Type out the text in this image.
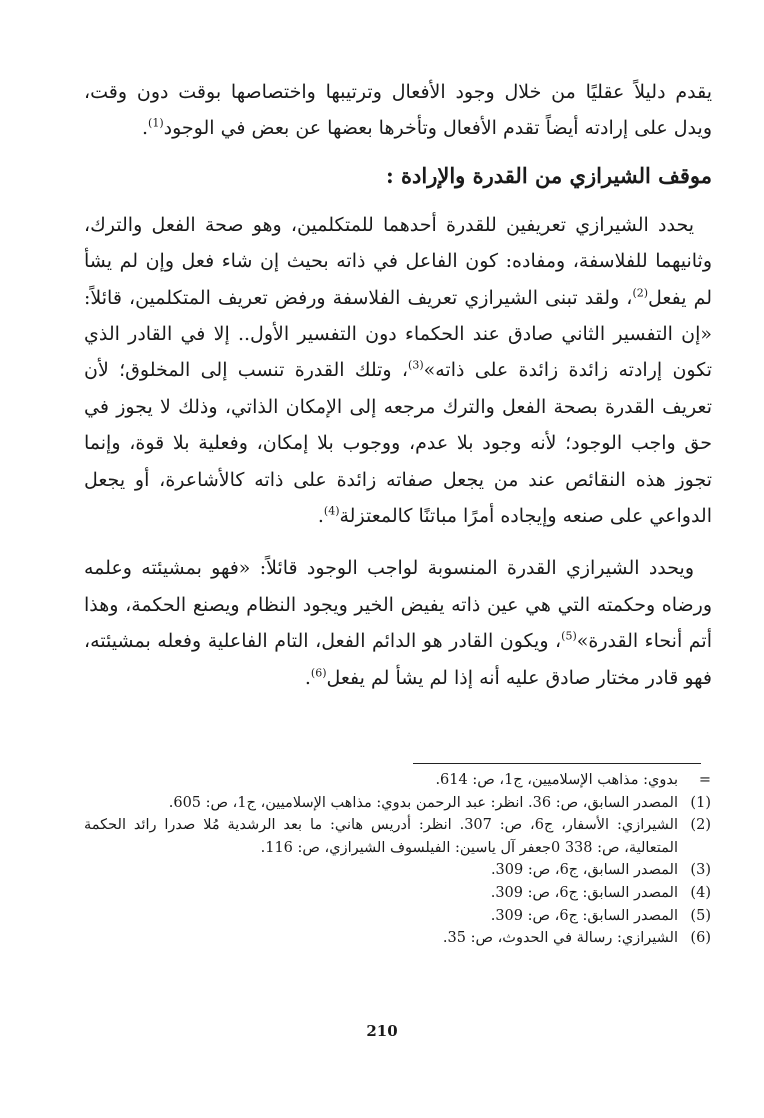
يقدم دليلاً عقليًا من خلال وجود الأفعال وترتيبها واختصاصها بوقت دون وقت، ويدل على إرادته أيضاً تقدم الأفعال وتأخرها بعضها عن بعض في الوجود$^{(1)}$.

موقف الشيرازي من القدرة والإرادة :

يحدد الشيرازي تعريفين للقدرة أحدهما للمتكلمين، وهو صحة الفعل والترك، وثانيهما للفلاسفة، ومفاده: كون الفاعل في ذاته بحيث إن شاء فعل وإن لم يشأ لم يفعل$^{(2)}$، ولقد تبنى الشيرازي تعريف الفلاسفة ورفض تعريف المتكلمين، قائلاً: «إن التفسير الثاني صادق عند الحكماء دون التفسير الأول.. إلا في القادر الذي تكون إرادته زائدة زائدة على ذاته»$^{(3)}$، وتلك القدرة تنسب إلى المخلوق؛ لأن تعريف القدرة بصحة الفعل والترك مرجعه إلى الإمكان الذاتي، وذلك لا يجوز في حق واجب الوجود؛ لأنه وجود بلا عدم، ووجوب بلا إمكان، وفعلية بلا قوة، وإنما تجوز هذه النقائص عند من يجعل صفاته زائدة على ذاته كالأشاعرة، أو يجعل الدواعي على صنعه وإيجاده أمرًا مباتنًا كالمعتزلة$^{(4)}$.

ويحدد الشيرازي القدرة المنسوبة لواجب الوجود قائلاً: «فهو بمشيئته وعلمه ورضاه وحكمته التي هي عين ذاته يفيض الخير ويجود النظام ويصنع الحكمة، وهذا أتم أنحاء القدرة»$^{(5)}$، ويكون القادر هو الدائم الفعل، التام الفاعلية وفعله بمشيئته، فهو قادر مختار صادق عليه أنه إذا لم يشأ لم يفعل$^{(6)}$.

=
بدوي: مذاهب الإسلاميين، ج1، ص: 614.
(1)
المصدر السابق، ص: 36. انظر: عبد الرحمن بدوي: مذاهب الإسلاميين، ج1، ص: 605.
(2)
الشيرازي: الأسفار، ج6، ص: 307. انظر: أدريس هاني: ما بعد الرشدية مُلا صدرا رائد الحكمة المتعالية، ص: 338 0جعفر آل ياسين: الفيلسوف الشيرازي، ص: 116.
(3)
المصدر السابق، ج6، ص: 309.
(4)
المصدر السابق: ج6، ص: 309.
(5)
المصدر السابق: ج6، ص: 309.
(6)
الشيرازي: رسالة في الحدوث، ص: 35.
210
